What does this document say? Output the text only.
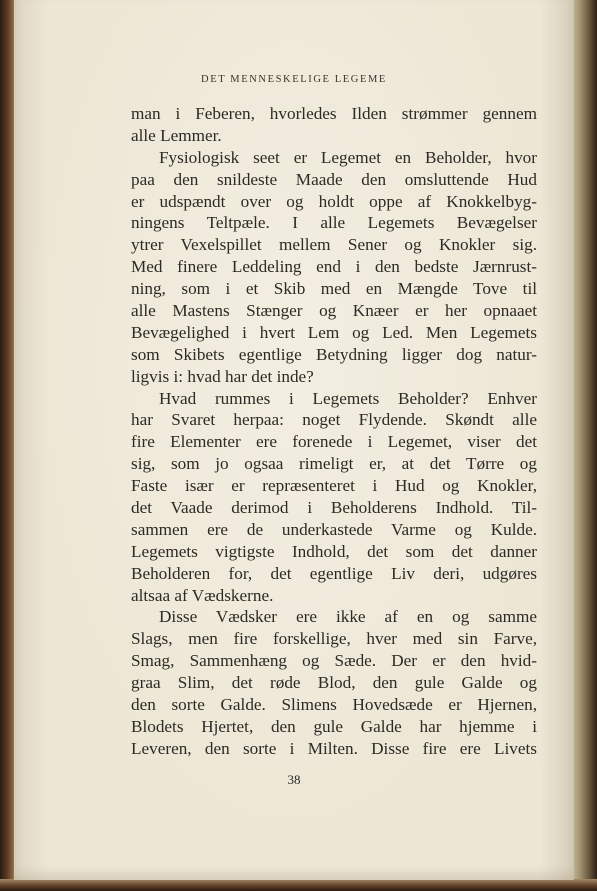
DET MENNESKELIGE LEGEME
man i Feberen, hvorledes Ilden strømmer gennem
alle Lemmer.
Fysiologisk seet er Legemet en Beholder, hvor
paa den snildeste Maade den omsluttende Hud
er udspændt over og holdt oppe af Knokkelbyg-
ningens Teltpæle. I alle Legemets Bevægelser
ytrer Vexelspillet mellem Sener og Knokler sig.
Med finere Leddeling end i den bedste Jærnrust-
ning, som i et Skib med en Mængde Tove til
alle Mastens Stænger og Knæer er her opnaaet
Bevægelighed i hvert Lem og Led. Men Legemets
som Skibets egentlige Betydning ligger dog natur-
ligvis i: hvad har det inde?
Hvad rummes i Legemets Beholder? Enhver
har Svaret herpaa: noget Flydende. Skøndt alle
fire Elementer ere forenede i Legemet, viser det
sig, som jo ogsaa rimeligt er, at det Tørre og
Faste især er repræsenteret i Hud og Knokler,
det Vaade derimod i Beholderens Indhold. Til-
sammen ere de underkastede Varme og Kulde.
Legemets vigtigste Indhold, det som det danner
Beholderen for, det egentlige Liv deri, udgøres
altsaa af Vædskerne.
Disse Vædsker ere ikke af en og samme
Slags, men fire forskellige, hver med sin Farve,
Smag, Sammenhæng og Sæde. Der er den hvid-
graa Slim, det røde Blod, den gule Galde og
den sorte Galde. Slimens Hovedsæde er Hjernen,
Blodets Hjertet, den gule Galde har hjemme i
Leveren, den sorte i Milten. Disse fire ere Livets
38
